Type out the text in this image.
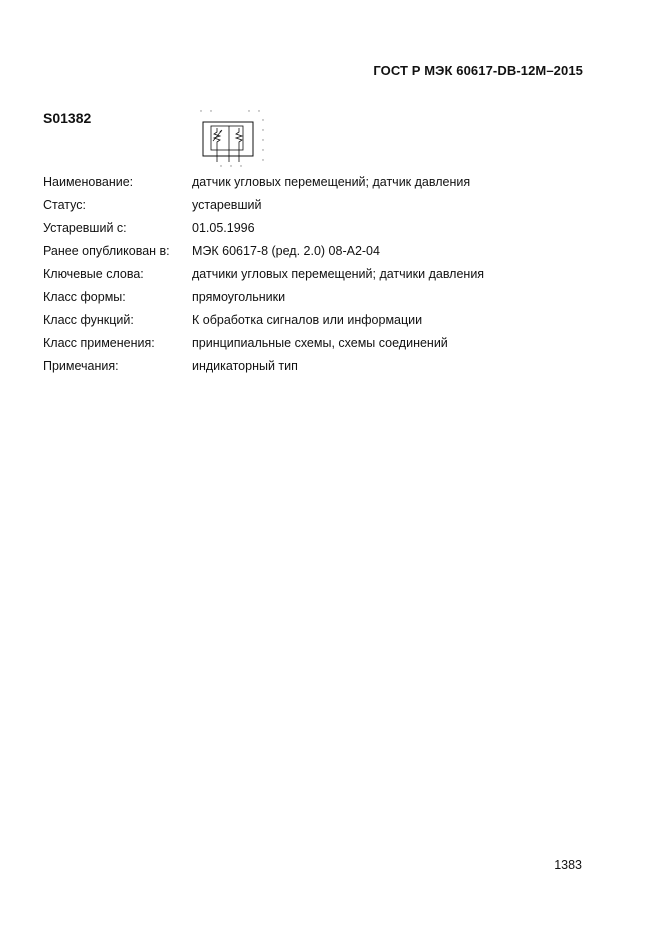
ГОСТ Р МЭК 60617-DB-12M–2015
S01382
Наименование:	датчик угловых перемещений; датчик давления
Статус:	устаревший
Устаревший с:	01.05.1996
Ранее опубликован в:	МЭК 60617-8 (ред. 2.0) 08-А2-04
Ключевые слова:	датчики угловых перемещений; датчики давления
Класс формы:	прямоугольники
Класс функций:	К обработка сигналов или информации
Класс применения:	принципиальные схемы, схемы соединений
Примечания:	индикаторный тип
1383
